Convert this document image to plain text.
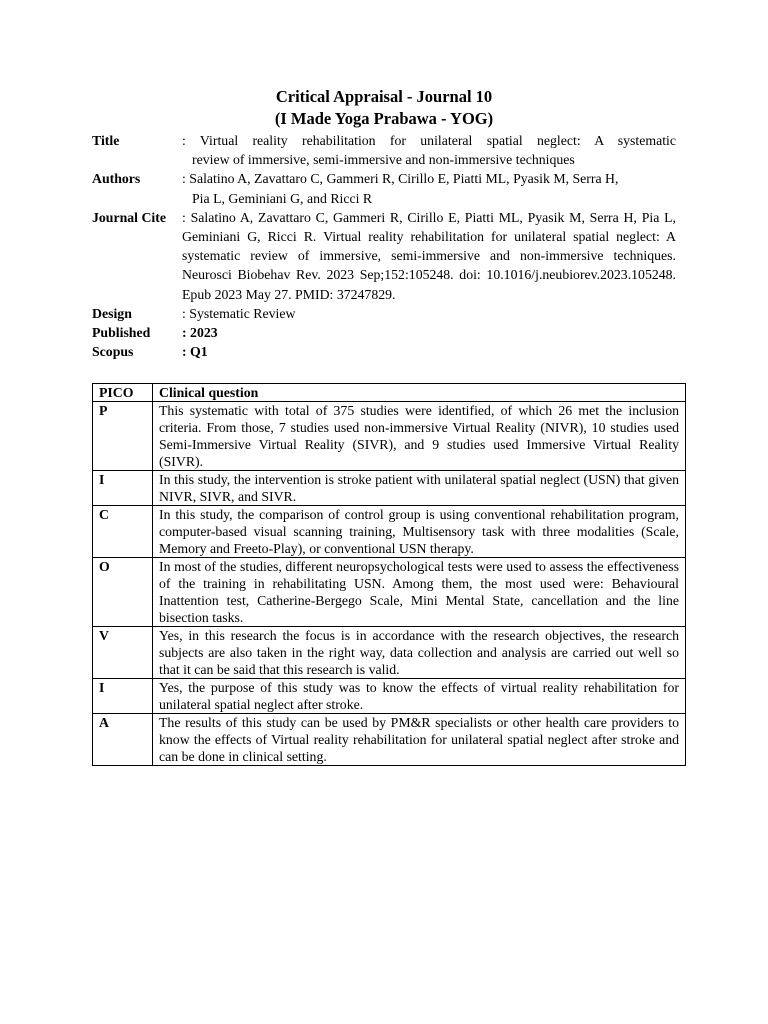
Critical Appraisal - Journal 10
(I Made Yoga Prabawa - YOG)
Title	: Virtual reality rehabilitation for unilateral spatial neglect: A systematic
review of immersive, semi-immersive and non-immersive techniques
Authors	: Salatino A, Zavattaro C, Gammeri R, Cirillo E, Piatti ML, Pyasik M, Serra H,
Pia L, Geminiani G, and Ricci R
Journal Cite	: Salatino A, Zavattaro C, Gammeri R, Cirillo E, Piatti ML, Pyasik M, Serra H, Pia L, Geminiani G, Ricci R. Virtual reality rehabilitation for unilateral spatial neglect: A systematic review of immersive, semi-immersive and non-immersive techniques. Neurosci Biobehav Rev. 2023 Sep;152:105248. doi: 10.1016/j.neubiorev.2023.105248. Epub 2023 May 27. PMID: 37247829.
Design	: Systematic Review
Published	: 2023
Scopus	: Q1
PICO	Clinical question
P	This systematic with total of 375 studies were identified, of which 26 met the inclusion criteria. From those, 7 studies used non-immersive Virtual Reality (NIVR), 10 studies used Semi-Immersive Virtual Reality (SIVR), and 9 studies used Immersive Virtual Reality (SIVR).
I	In this study, the intervention is stroke patient with unilateral spatial neglect (USN) that given NIVR, SIVR, and SIVR.
C	In this study, the comparison of control group is using conventional rehabilitation program, computer-based visual scanning training, Multisensory task with three modalities (Scale, Memory and Freeto-Play), or conventional USN therapy.
O	In most of the studies, different neuropsychological tests were used to assess the effectiveness of the training in rehabilitating USN. Among them, the most used were: Behavioural Inattention test, Catherine-Bergego Scale, Mini Mental State, cancellation and the line bisection tasks.
V	Yes, in this research the focus is in accordance with the research objectives, the research subjects are also taken in the right way, data collection and analysis are carried out well so that it can be said that this research is valid.
I	Yes, the purpose of this study was to know the effects of virtual reality rehabilitation for unilateral spatial neglect after stroke.
A	The results of this study can be used by PM&R specialists or other health care providers to know the effects of Virtual reality rehabilitation for unilateral spatial neglect after stroke and can be done in clinical setting.
